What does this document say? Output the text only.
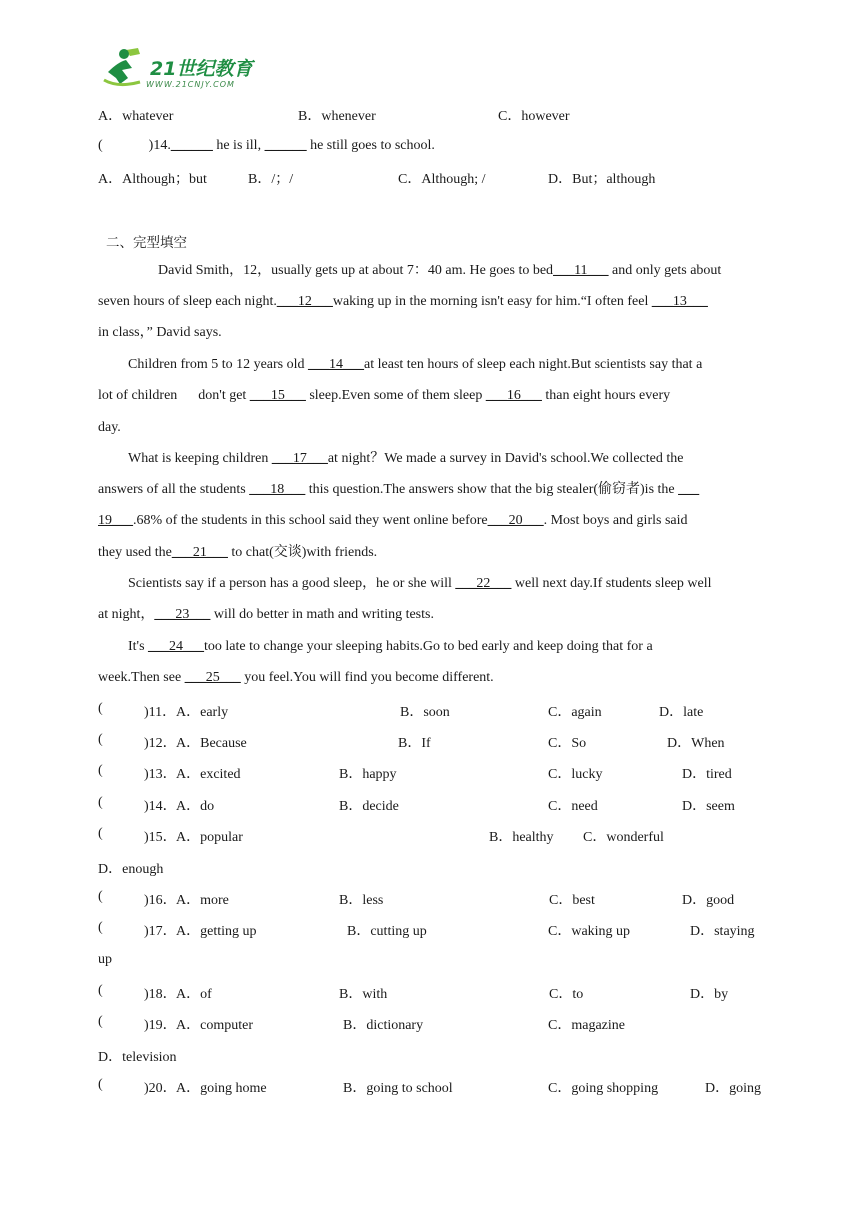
21世纪教育
WWW.21CNJY.COM
A．whatever	B．whenever	C．however
(	)14.______ he is ill, ______ he still goes to school.
A．Although；but	B．/；/	C．Although; /	D．But；although
二、完型填空
David Smith，12，usually gets up at about 7：40 am. He goes to bed___11___ and only gets about
seven hours of sleep each night.___12___waking up in the morning isn't easy for him.“I often feel ___13___
in class，” David says.
Children from 5 to 12 years old ___14___at least ten hours of sleep each night.But scientists say that a
lot of children      don't get ___15___ sleep.Even some of them sleep ___16___ than eight hours every
day.
What is keeping children ___17___at night？We made a survey in David's school.We collected the
answers of all the students ___18___ this question.The answers show that the big stealer(偷窃者)is the ___
19___.68% of the students in this school said they went online before___20___. Most boys and girls said
they used the___21___ to chat(交谈)with friends.
Scientists say if a person has a good sleep，he or she will ___22___ well next day.If students sleep well
at night，___23___ will do better in math and writing tests.
It's ___24___too late to change your sleeping habits.Go to bed early and keep doing that for a
week.Then see ___25___ you feel.You will find you become different.
(	)11． A．early	B．soon	C．again	D．late
(	)12． A．Because	B．If	C．So	D．When
(	)13． A．excited	B．happy	C．lucky	D．tired
(	)14． A．do	B．decide	C．need	D．seem
(	)15． A．popular	B．healthy C．wonderful
D．enough
(	)16． A．more	B．less	C．best	D．good
(	)17． A．getting up	B．cutting up	C．waking up	D．staying
up
(	)18． A．of	B．with	C．to	D．by
(	)19． A．computer	B．dictionary	C．magazine
D．television
(	)20． A．going home	B．going to school	C．going shopping	D．going
